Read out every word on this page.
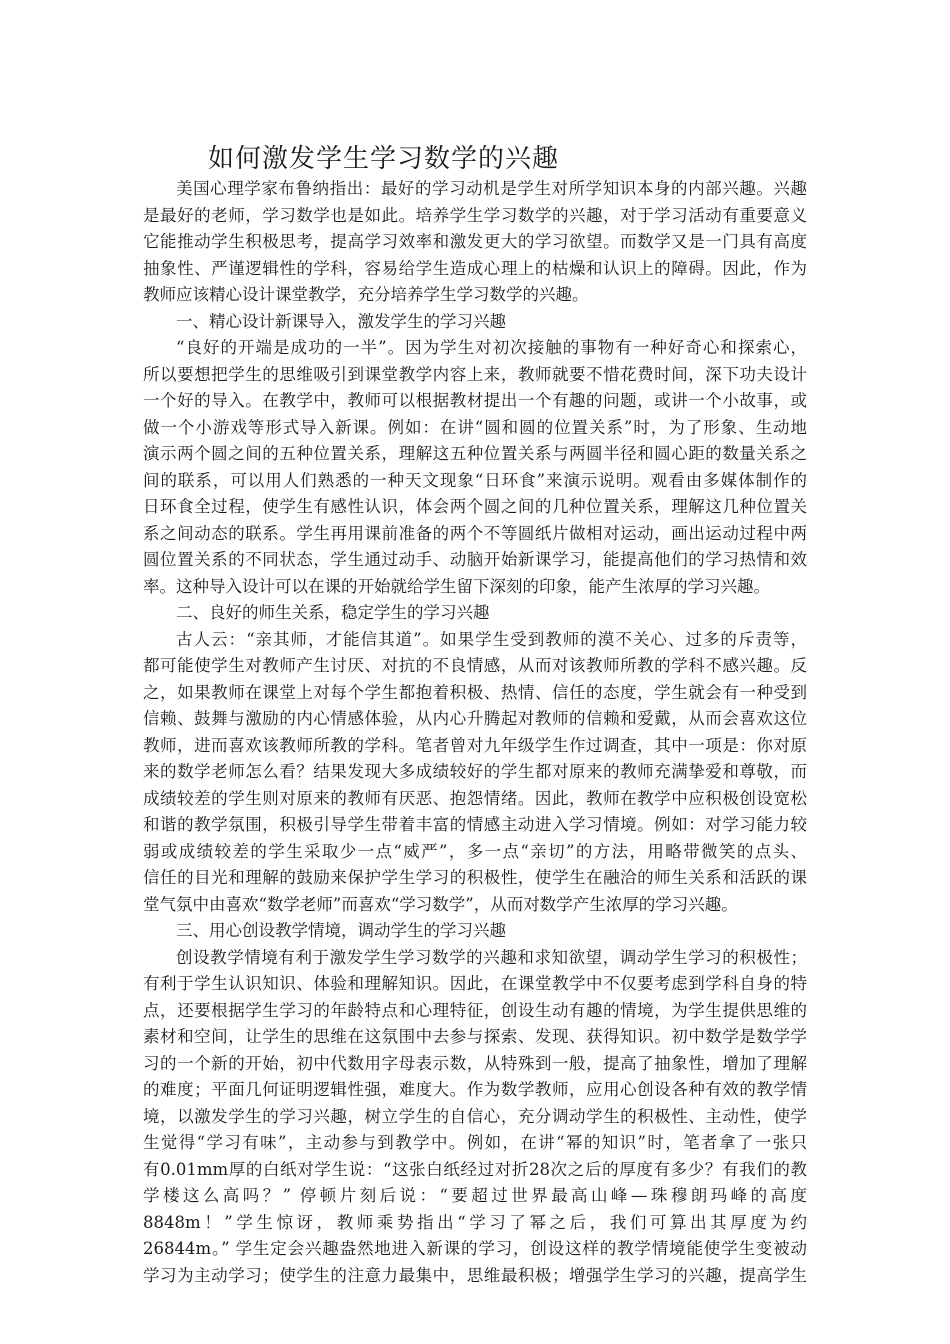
如何激发学生学习数学的兴趣
美国心理学家布鲁纳指出：最好的学习动机是学生对所学知识本身的内部兴趣。兴趣
是最好的老师，学习数学也是如此。培养学生学习数学的兴趣，对于学习活动有重要意义
它能推动学生积极思考，提高学习效率和激发更大的学习欲望。而数学又是一门具有高度
抽象性、严谨逻辑性的学科，容易给学生造成心理上的枯燥和认识上的障碍。因此，作为
教师应该精心设计课堂教学，充分培养学生学习数学的兴趣。
一、精心设计新课导入，激发学生的学习兴趣
“良好的开端是成功的一半”。因为学生对初次接触的事物有一种好奇心和探索心，
所以要想把学生的思维吸引到课堂教学内容上来，教师就要不惜花费时间，深下功夫设计
一个好的导入。在教学中，教师可以根据教材提出一个有趣的问题，或讲一个小故事，或
做一个小游戏等形式导入新课。例如：在讲“圆和圆的位置关系”时，为了形象、生动地
演示两个圆之间的五种位置关系，理解这五种位置关系与两圆半径和圆心距的数量关系之
间的联系，可以用人们熟悉的一种天文现象“日环食”来演示说明。观看由多媒体制作的
日环食全过程，使学生有感性认识，体会两个圆之间的几种位置关系，理解这几种位置关
系之间动态的联系。学生再用课前准备的两个不等圆纸片做相对运动，画出运动过程中两
圆位置关系的不同状态，学生通过动手、动脑开始新课学习，能提高他们的学习热情和效
率。这种导入设计可以在课的开始就给学生留下深刻的印象，能产生浓厚的学习兴趣。
二、良好的师生关系，稳定学生的学习兴趣
古人云：“亲其师，才能信其道”。如果学生受到教师的漠不关心、过多的斥责等，
都可能使学生对教师产生讨厌、对抗的不良情感，从而对该教师所教的学科不感兴趣。反
之，如果教师在课堂上对每个学生都抱着积极、热情、信任的态度，学生就会有一种受到
信赖、鼓舞与激励的内心情感体验，从内心升腾起对教师的信赖和爱戴，从而会喜欢这位
教师，进而喜欢该教师所教的学科。笔者曾对九年级学生作过调查，其中一项是：你对原
来的数学老师怎么看？结果发现大多成绩较好的学生都对原来的教师充满挚爱和尊敬，而
成绩较差的学生则对原来的教师有厌恶、抱怨情绪。因此，教师在教学中应积极创设宽松
和谐的教学氛围，积极引导学生带着丰富的情感主动进入学习情境。例如：对学习能力较
弱或成绩较差的学生采取少一点“威严”，多一点“亲切”的方法，用略带微笑的点头、
信任的目光和理解的鼓励来保护学生学习的积极性，使学生在融洽的师生关系和活跃的课
堂气氛中由喜欢“数学老师”而喜欢“学习数学”，从而对数学产生浓厚的学习兴趣。
三、用心创设教学情境，调动学生的学习兴趣
创设教学情境有利于激发学生学习数学的兴趣和求知欲望，调动学生学习的积极性；
有利于学生认识知识、体验和理解知识。因此，在课堂教学中不仅要考虑到学科自身的特
点，还要根据学生学习的年龄特点和心理特征，创设生动有趣的情境，为学生提供思维的
素材和空间，让学生的思维在这氛围中去参与探索、发现、获得知识。初中数学是数学学
习的一个新的开始，初中代数用字母表示数，从特殊到一般，提高了抽象性，增加了理解
的难度；平面几何证明逻辑性强，难度大。作为数学教师，应用心创设各种有效的教学情
境，以激发学生的学习兴趣，树立学生的自信心，充分调动学生的积极性、主动性，使学
生觉得“学习有味”，主动参与到教学中。例如，在讲“幂的知识”时，笔者拿了一张只
有0.01mm厚的白纸对学生说：“这张白纸经过对折28次之后的厚度有多少？有我们的教
学楼这么高吗？” 停顿片刻后说：“要超过世界最高山峰—珠穆朗玛峰的高度
8848m！”学生惊讶，教师乘势指出“学习了幂之后，我们可算出其厚度为约
26844m。” 学生定会兴趣盎然地进入新课的学习，创设这样的教学情境能使学生变被动
学习为主动学习；使学生的注意力最集中，思维最积极；增强学生学习的兴趣，提高学生
